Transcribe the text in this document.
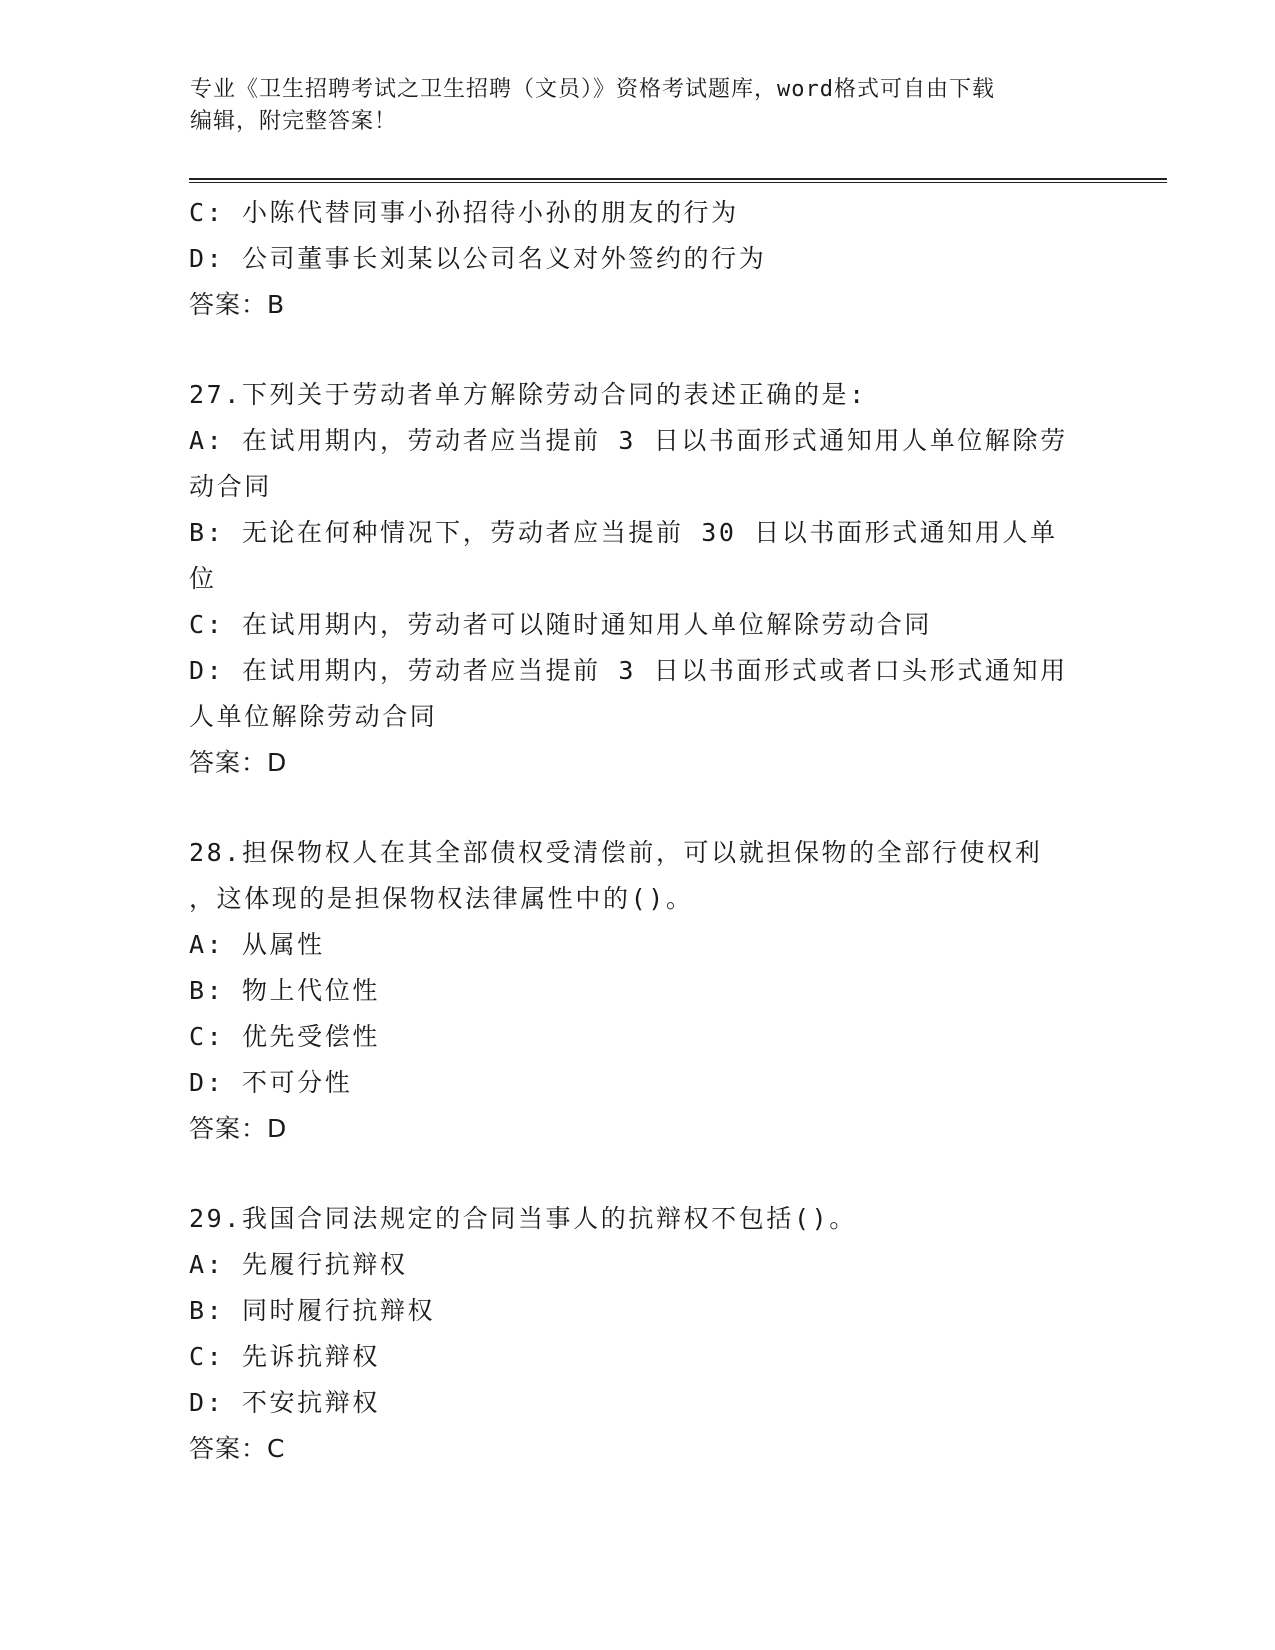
专业《卫生招聘考试之卫生招聘（文员）》资格考试题库，word格式可自由下载
编辑，附完整答案！
C: 小陈代替同事小孙招待小孙的朋友的行为
D: 公司董事长刘某以公司名义对外签约的行为
答案：B
27.下列关于劳动者单方解除劳动合同的表述正确的是:
A: 在试用期内，劳动者应当提前 3 日以书面形式通知用人单位解除劳
动合同
B: 无论在何种情况下，劳动者应当提前 30 日以书面形式通知用人单
位
C: 在试用期内，劳动者可以随时通知用人单位解除劳动合同
D: 在试用期内，劳动者应当提前 3 日以书面形式或者口头形式通知用
人单位解除劳动合同
答案：D
28.担保物权人在其全部债权受清偿前，可以就担保物的全部行使权利
，这体现的是担保物权法律属性中的()。
A: 从属性
B: 物上代位性
C: 优先受偿性
D: 不可分性
答案：D
29.我国合同法规定的合同当事人的抗辩权不包括()。
A: 先履行抗辩权
B: 同时履行抗辩权
C: 先诉抗辩权
D: 不安抗辩权
答案：C
